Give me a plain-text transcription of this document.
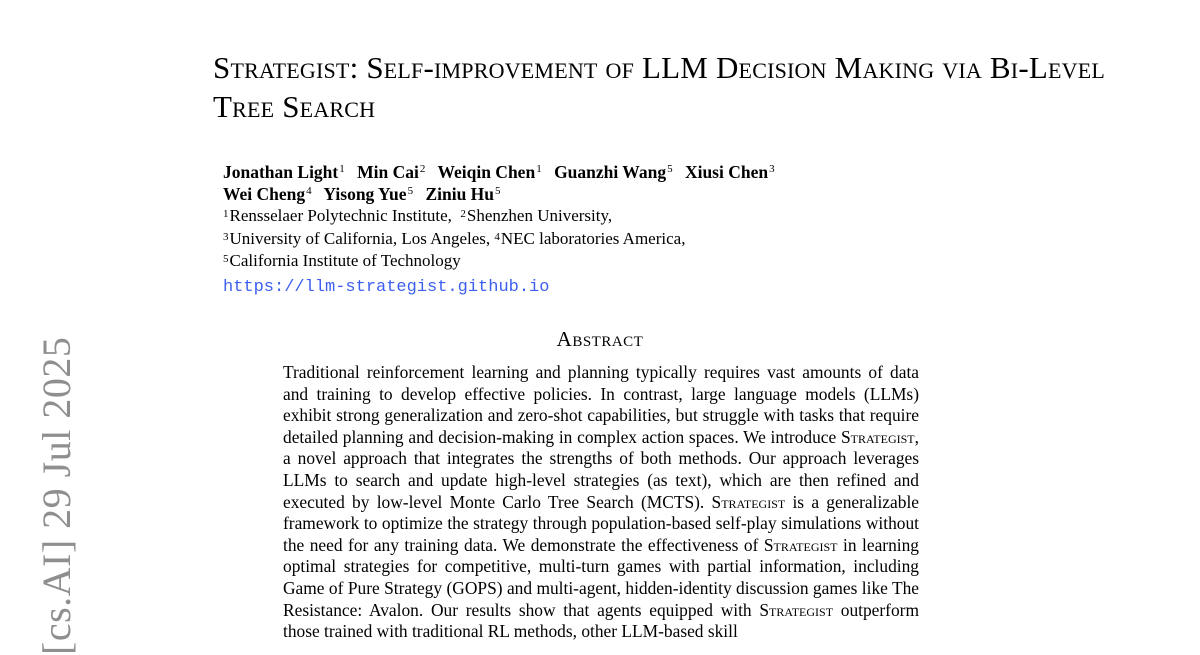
[cs.AI] 29 Jul 2025
Strategist: Self-improvement of LLM Decision Making via Bi-Level Tree Search
Jonathan Light$^1$ Min Cai$^2$ Weiqin Chen$^1$ Guanzhi Wang$^5$ Xiusi Chen$^3$
Wei Cheng$^4$ Yisong Yue$^5$ Ziniu Hu$^5$
$^1$Rensselaer Polytechnic Institute, $^2$Shenzhen University,
$^3$University of California, Los Angeles, $^4$NEC laboratories America,
$^5$California Institute of Technology
https://llm-strategist.github.io
Abstract

Traditional reinforcement learning and planning typically requires vast amounts of data and training to develop effective policies. In contrast, large language models (LLMs) exhibit strong generalization and zero-shot capabilities, but struggle with tasks that require detailed planning and decision-making in complex action spaces. We introduce Strategist, a novel approach that integrates the strengths of both methods. Our approach leverages LLMs to search and update high-level strategies (as text), which are then refined and executed by low-level Monte Carlo Tree Search (MCTS). Strategist is a generalizable framework to optimize the strategy through population-based self-play simulations without the need for any training data. We demonstrate the effectiveness of Strategist in learning optimal strategies for competitive, multi-turn games with partial information, including Game of Pure Strategy (GOPS) and multi-agent, hidden-identity discussion games like The Resistance: Avalon. Our results show that agents equipped with Strategist outperform those trained with traditional RL methods, other LLM-based skill
